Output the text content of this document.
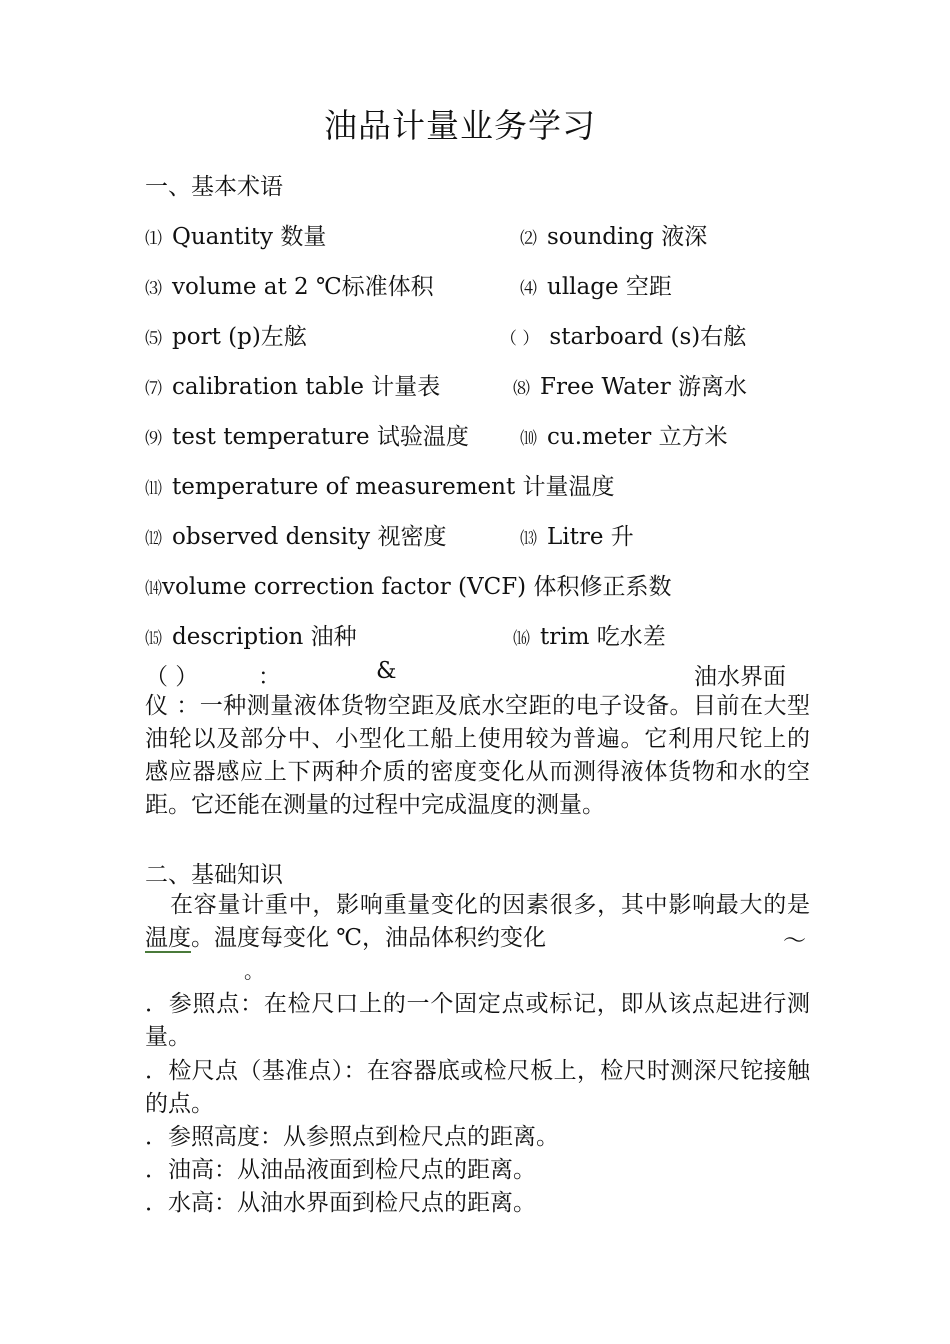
油品计量业务学习
一、基本术语
⑴ Quantity 数量	⑵ sounding 液深
⑶ volume at 2 ℃标准体积	⑷ ullage 空距
⑸ port (p)左舷	（ ） starboard (s)右舷
⑺ calibration table 计量表	⑻ Free Water 游离水
⑼ test temperature 试验温度	⑽ cu.meter 立方米
⑾ temperature of measurement 计量温度
⑿ observed density 视密度	⒀ Litre 升
⒁volume correction factor (VCF) 体积修正系数
⒂ description 油种	⒃ trim 吃水差
（ ）	：	&	油水界面
仪 ：一种测量液体货物空距及底水空距的电子设备。目前在大型油轮以及部分中、小型化工船上使用较为普遍。它利用尺铊上的感应器感应上下两种介质的密度变化从而测得液体货物和水的空距。它还能在测量的过程中完成温度的测量。
二、基础知识
在容量计重中，影响重量变化的因素很多，其中影响最大的是温度。温度每变化 ℃，油品体积约变化	～
。
．参照点：在检尺口上的一个固定点或标记，即从该点起进行测量。
．检尺点（基准点）：在容器底或检尺板上，检尺时测深尺铊接触的点。
．参照高度：从参照点到检尺点的距离。
．油高：从油品液面到检尺点的距离。
．水高：从油水界面到检尺点的距离。
